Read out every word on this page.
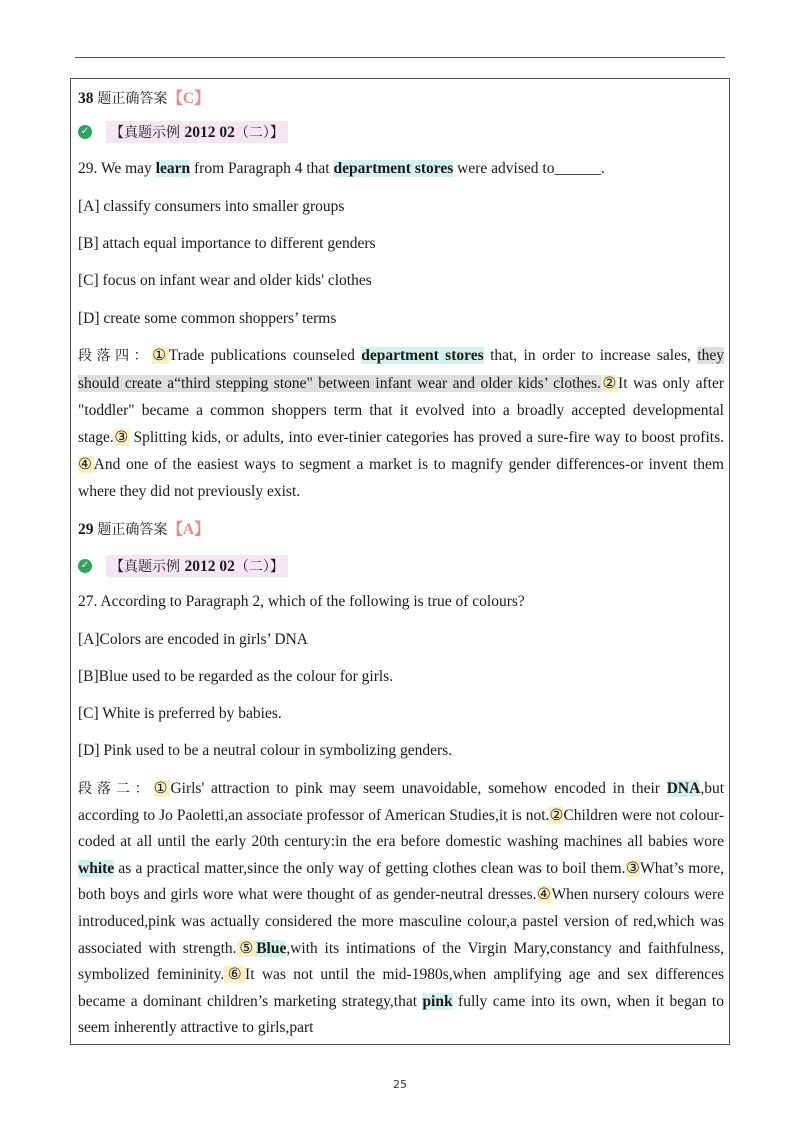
38 题正确答案【C】
✓ 【真题示例 2012 02（二）】
29. We may learn from Paragraph 4 that department stores were advised to______.
[A] classify consumers into smaller groups
[B] attach equal importance to different genders
[C] focus on infant wear and older kids' clothes
[D] create some common shoppers’ terms
段落四：①Trade publications counseled department stores that, in order to increase sales, they should create a“third stepping stone" between infant wear and older kids’ clothes.②It was only after "toddler" became a common shoppers term that it evolved into a broadly accepted developmental stage.③ Splitting kids, or adults, into ever-tinier categories has proved a sure-fire way to boost profits. ④And one of the easiest ways to segment a market is to magnify gender differences-or invent them where they did not previously exist.
29 题正确答案【A】
✓ 【真题示例 2012 02（二）】
27. According to Paragraph 2, which of the following is true of colours?
[A]Colors are encoded in girls’ DNA
[B]Blue used to be regarded as the colour for girls.
[C] White is preferred by babies.
[D] Pink used to be a neutral colour in symbolizing genders.
段落二：①Girls' attraction to pink may seem unavoidable, somehow encoded in their DNA,but according to Jo Paoletti,an associate professor of American Studies,it is not.②Children were not colour-coded at all until the early 20th century:in the era before domestic washing machines all babies wore white as a practical matter,since the only way of getting clothes clean was to boil them.③What’s more, both boys and girls wore what were thought of as gender-neutral dresses.④When nursery colours were introduced,pink was actually considered the more masculine colour,a pastel version of red,which was associated with strength.⑤Blue,with its intimations of the Virgin Mary,constancy and faithfulness, symbolized femininity.⑥It was not until the mid-1980s,when amplifying age and sex differences became a dominant children’s marketing strategy,that pink fully came into its own, when it began to seem inherently attractive to girls,part
25
